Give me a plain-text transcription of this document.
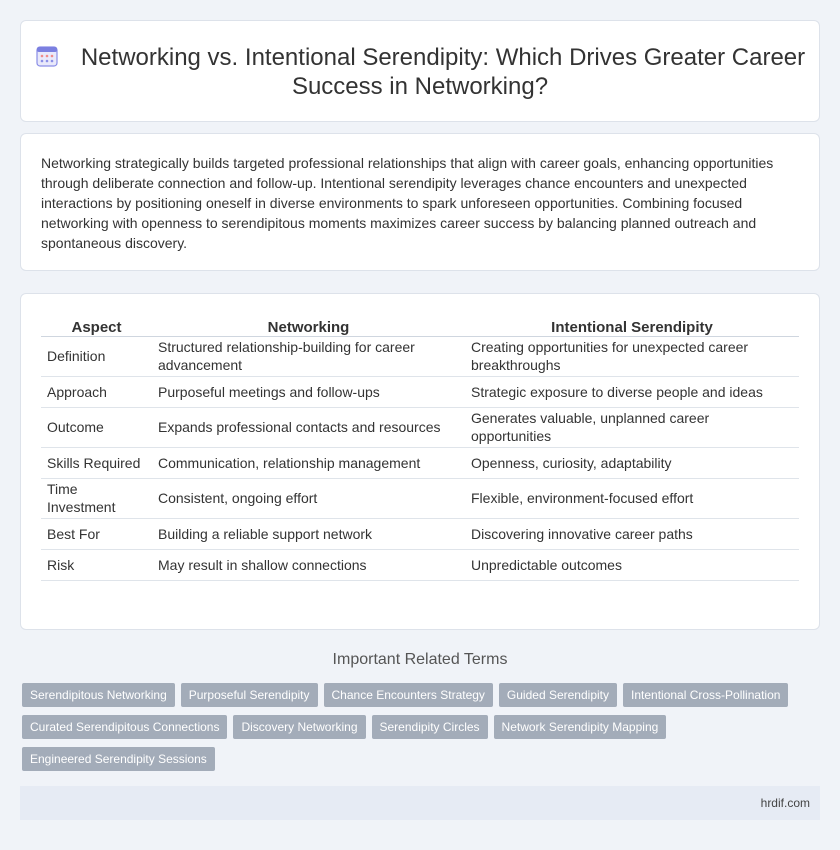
Networking vs. Intentional Serendipity: Which Drives Greater Career Success in Networking?

Networking strategically builds targeted professional relationships that align with career goals, enhancing opportunities through deliberate connection and follow-up. Intentional serendipity leverages chance encounters and unexpected interactions by positioning oneself in diverse environments to spark unforeseen opportunities. Combining focused networking with openness to serendipitous moments maximizes career success by balancing planned outreach and spontaneous discovery.

Aspect	Networking	Intentional Serendipity
Definition	Structured relationship-building for career advancement	Creating opportunities for unexpected career breakthroughs
Approach	Purposeful meetings and follow-ups	Strategic exposure to diverse people and ideas
Outcome	Expands professional contacts and resources	Generates valuable, unplanned career opportunities
Skills Required	Communication, relationship management	Openness, curiosity, adaptability
Time Investment	Consistent, ongoing effort	Flexible, environment-focused effort
Best For	Building a reliable support network	Discovering innovative career paths
Risk	May result in shallow connections	Unpredictable outcomes
Important Related Terms
Serendipitous Networking	Purposeful Serendipity	Chance Encounters Strategy	Guided Serendipity	Intentional Cross-Pollination
Curated Serendipitous Connections	Discovery Networking	Serendipity Circles	Network Serendipity Mapping
Engineered Serendipity Sessions
hrdif.com
